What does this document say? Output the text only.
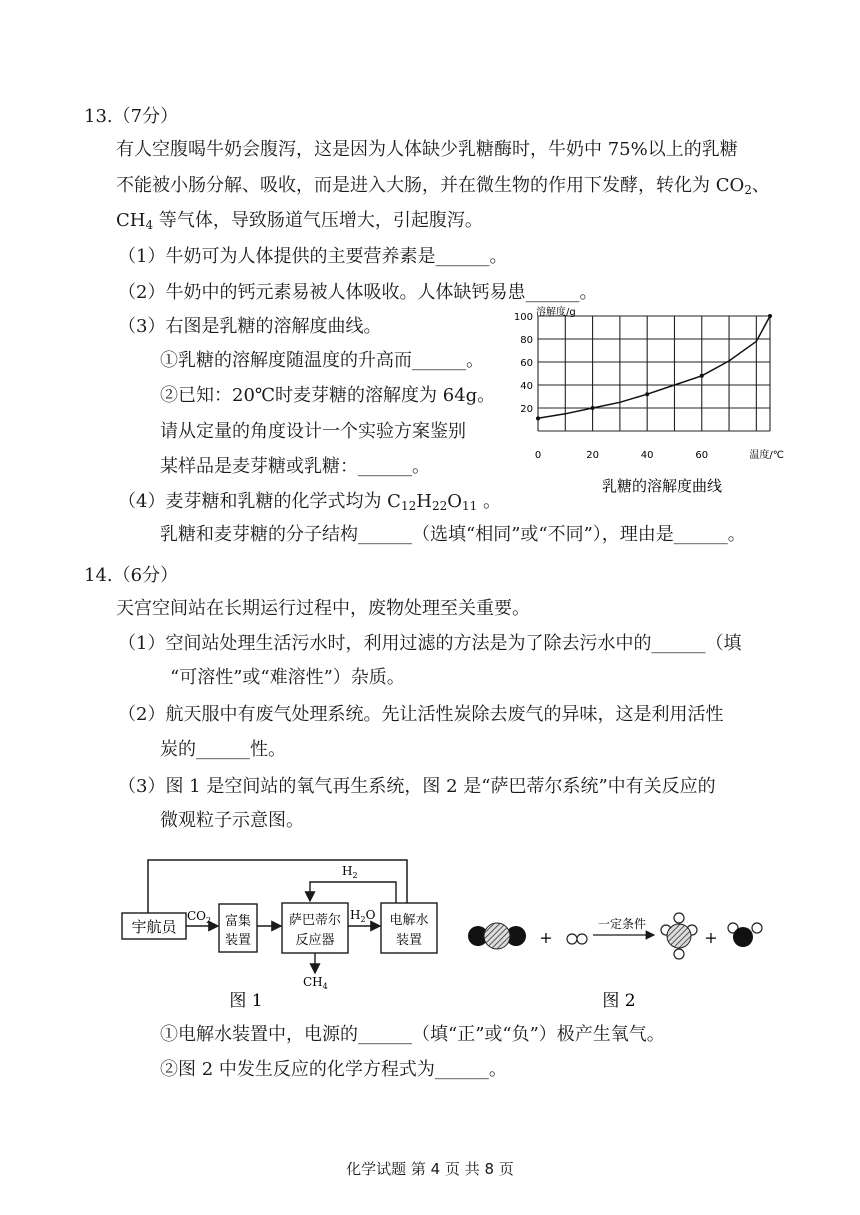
13.（7分）
有人空腹喝牛奶会腹泻，这是因为人体缺少乳糖酶时，牛奶中 75%以上的乳糖
不能被小肠分解、吸收，而是进入大肠，并在微生物的作用下发酵，转化为 $CO_2$、
$CH_4$ 等气体，导致肠道气压增大，引起腹泻。
（1）牛奶可为人体提供的主要营养素是______。
（2）牛奶中的钙元素易被人体吸收。人体缺钙易患______。
（3）右图是乳糖的溶解度曲线。
①乳糖的溶解度随温度的升高而______。
②已知：20℃时麦芽糖的溶解度为 64g。
请从定量的角度设计一个实验方案鉴别
某样品是麦芽糖或乳糖：______。
（4）麦芽糖和乳糖的化学式均为 $C_{12}H_{22}O_{11}$ 。
乳糖和麦芽糖的分子结构______（选填“相同”或“不同”），理由是______。
20
40
60
80
100
0	20	40	60
溶解度/g
温度/℃
乳糖的溶解度曲线
14.（6分）
天宫空间站在长期运行过程中，废物处理至关重要。
（1）空间站处理生活污水时，利用过滤的方法是为了除去污水中的______（填
“可溶性”或“难溶性”）杂质。
（2）航天服中有废气处理系统。先让活性炭除去废气的异味，这是利用活性
炭的______性。
（3）图 1 是空间站的氧气再生系统，图 2 是“萨巴蒂尔系统”中有关反应的
微观粒子示意图。
$H_2$
宇航员
$CO_2$ 富集
装置
萨巴蒂尔
反应器
$H_2O$ 电解水
装置
$CH_4$
图 1
+
一定条件
+
图 2
①电解水装置中，电源的______（填“正”或“负”）极产生氧气。
②图 2 中发生反应的化学方程式为______。
化学试题 第 4 页 共 8 页
